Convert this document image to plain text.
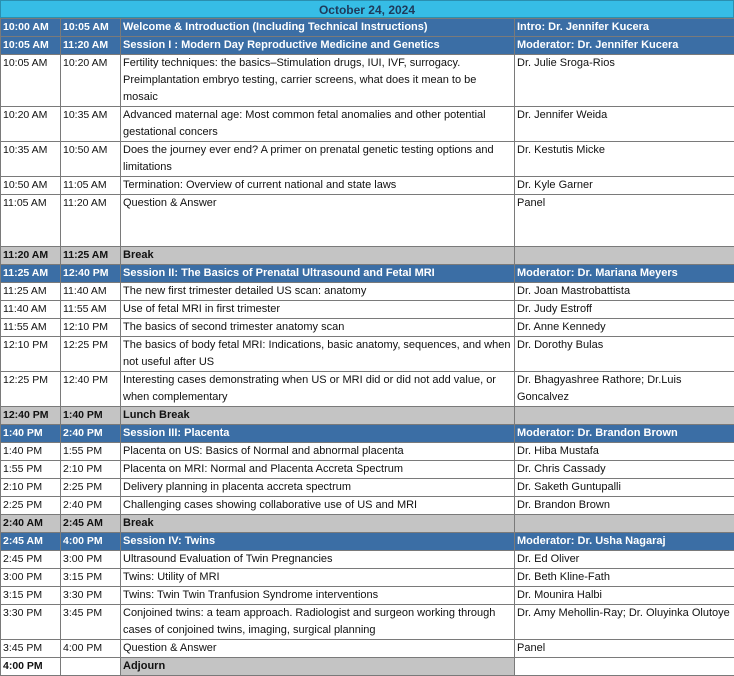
October 24, 2024
10:00 AM	10:05 AM	Welcome & Introduction (Including Technical Instructions)	Intro: Dr. Jennifer Kucera
10:05 AM	11:20 AM	Session I : Modern Day Reproductive Medicine and Genetics	Moderator: Dr. Jennifer Kucera
10:05 AM	10:20 AM	Fertility techniques: the basics–Stimulation drugs, IUI, IVF, surrogacy. Preimplantation embryo testing, carrier screens, what does it mean to be mosaic	Dr. Julie Sroga-Rios
10:20 AM	10:35 AM	Advanced maternal age: Most common fetal anomalies and other potential gestational concers	Dr. Jennifer Weida
10:35 AM	10:50 AM	Does the journey ever end? A primer on prenatal genetic testing options and limitations	Dr. Kestutis Micke
10:50 AM	11:05 AM	Termination: Overview of current national and state laws	Dr. Kyle Garner
11:05 AM	11:20 AM	Question & Answer	Panel
11:20 AM	11:25 AM	Break	
11:25 AM	12:40 PM	Session II: The Basics of Prenatal Ultrasound and Fetal MRI	Moderator: Dr. Mariana Meyers
11:25 AM	11:40 AM	The new first trimester detailed US scan: anatomy	Dr. Joan Mastrobattista
11:40 AM	11:55 AM	Use of fetal MRI in first trimester	Dr. Judy Estroff
11:55 AM	12:10 PM	The basics of second trimester anatomy scan	Dr. Anne Kennedy
12:10 PM	12:25 PM	The basics of body fetal MRI: Indications, basic anatomy, sequences, and when not useful after US	Dr. Dorothy Bulas
12:25 PM	12:40 PM	Interesting cases demonstrating when US or MRI did or did not add value, or when complementary	Dr. Bhagyashree Rathore; Dr.Luis Goncalvez
12:40 PM	1:40 PM	Lunch Break	
1:40 PM	2:40 PM	Session III: Placenta	Moderator: Dr. Brandon Brown
1:40 PM	1:55 PM	Placenta on US: Basics of Normal and abnormal placenta	Dr. Hiba Mustafa
1:55 PM	2:10 PM	Placenta on MRI: Normal and Placenta Accreta Spectrum	Dr. Chris Cassady
2:10 PM	2:25 PM	Delivery planning in placenta accreta spectrum	Dr. Saketh Guntupalli
2:25 PM	2:40 PM	Challenging cases showing collaborative use of US and MRI	Dr. Brandon Brown
2:40 AM	2:45 AM	Break	
2:45 AM	4:00 PM	Session IV: Twins	Moderator: Dr. Usha Nagaraj
2:45 PM	3:00 PM	Ultrasound Evaluation of Twin Pregnancies	Dr. Ed Oliver
3:00 PM	3:15 PM	Twins: Utility of MRI	Dr. Beth Kline-Fath
3:15 PM	3:30 PM	Twins: Twin Twin Tranfusion Syndrome interventions	Dr. Mounira Halbi
3:30 PM	3:45 PM	Conjoined twins: a team approach. Radiologist and surgeon working through cases of conjoined twins, imaging, surgical planning	Dr. Amy Mehollin-Ray; Dr. Oluyinka Olutoye
3:45 PM	4:00 PM	Question & Answer	Panel
4:00 PM		Adjourn	
